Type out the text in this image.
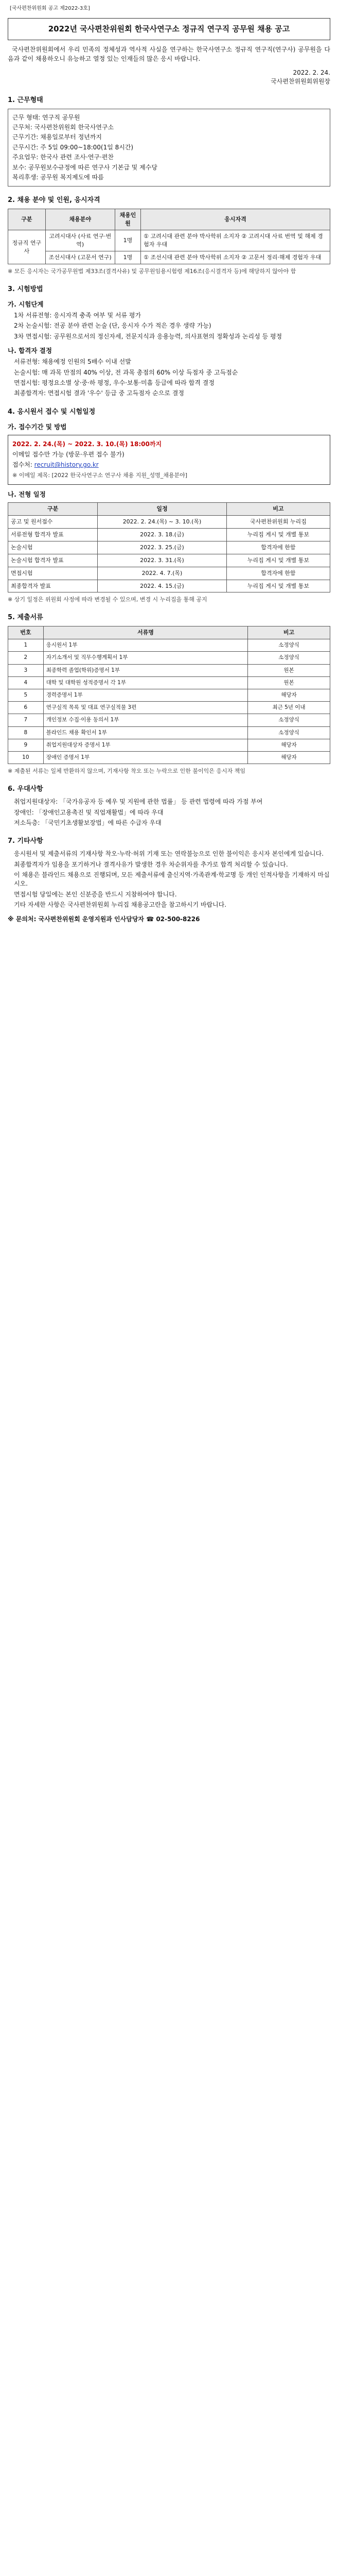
[국사편찬위원회 공고 제2022-3호]
2022년 국사편찬위원회 한국사연구소 정규직 연구직 공무원 채용 공고

국사편찬위원회에서 우리 민족의 정체성과 역사적 사실을 연구하는 한국사연구소 정규직 연구직(연구사) 공무원을 다음과 같이 채용하오니 유능하고 열정 있는 인재들의 많은 응시 바랍니다.

2022. 2. 24.
국사편찬위원회위원장
1. 근무형태

근무 형태: 연구직 공무원

근무처: 국사편찬위원회 한국사연구소

근무기간: 채용일로부터 정년까지

근무시간: 주 5일 09:00~18:00(1일 8시간)

주요업무: 한국사 관련 조사·연구·편찬

보수: 공무원보수규정에 따른 연구사 기본급 및 제수당

복리후생: 공무원 복지제도에 따름

2. 채용 분야 및 인원, 응시자격
구분	채용분야	채용인원	응시자격
정규직 연구사	고려시대사 (사료 연구·번역)	1명	① 고려시대 관련 분야 박사학위 소지자 ② 고려시대 사료 번역 및 해제 경험자 우대
	조선시대사 (고문서 연구)	1명	① 조선시대 관련 분야 박사학위 소지자 ② 고문서 정리·해제 경험자 우대

※ 모든 응시자는 국가공무원법 제33조(결격사유) 및 공무원임용시험령 제16조(응시결격자 등)에 해당하지 않아야 함

3. 시험방법
가. 시험단계

1차 서류전형: 응시자격 충족 여부 및 서류 평가

2차 논술시험: 전공 분야 관련 논술 (단, 응시자 수가 적은 경우 생략 가능)

3차 면접시험: 공무원으로서의 정신자세, 전문지식과 응용능력, 의사표현의 정확성과 논리성 등 평정

나. 합격자 결정

서류전형: 채용예정 인원의 5배수 이내 선발

논술시험: 매 과목 만점의 40% 이상, 전 과목 총점의 60% 이상 득점자 중 고득점순

면접시험: 평정요소별 상·중·하 평정, 우수·보통·미흡 등급에 따라 합격 결정

최종합격자: 면접시험 결과 '우수' 등급 중 고득점자 순으로 결정

4. 응시원서 접수 및 시험일정
가. 접수기간 및 방법

2022. 2. 24.(목) ~ 2022. 3. 10.(목) 18:00까지

이메일 접수만 가능 (방문·우편 접수 불가)

접수처: recruit@history.go.kr

※ 이메일 제목: [2022 한국사연구소 연구사 채용 지원_성명_채용분야]

나. 전형 일정
구분	일정	비고
공고 및 원서접수	2022. 2. 24.(목) ~ 3. 10.(목)	국사편찬위원회 누리집
서류전형 합격자 발표	2022. 3. 18.(금)	누리집 게시 및 개별 통보
논술시험	2022. 3. 25.(금)	합격자에 한함
논술시험 합격자 발표	2022. 3. 31.(목)	누리집 게시 및 개별 통보
면접시험	2022. 4. 7.(목)	합격자에 한함
최종합격자 발표	2022. 4. 15.(금)	누리집 게시 및 개별 통보

※ 상기 일정은 위원회 사정에 따라 변경될 수 있으며, 변경 시 누리집을 통해 공지

5. 제출서류
번호	서류명	비고
1	응시원서 1부	소정양식
2	자기소개서 및 직무수행계획서 1부	소정양식
3	최종학력 졸업(학위)증명서 1부	원본
4	대학 및 대학원 성적증명서 각 1부	원본
5	경력증명서 1부	해당자
6	연구실적 목록 및 대표 연구실적물 3편	최근 5년 이내
7	개인정보 수집·이용 동의서 1부	소정양식
8	블라인드 채용 확인서 1부	소정양식
9	취업지원대상자 증명서 1부	해당자
10	장애인 증명서 1부	해당자

※ 제출된 서류는 일체 반환하지 않으며, 기재사항 착오 또는 누락으로 인한 불이익은 응시자 책임

6. 우대사항

취업지원대상자: 「국가유공자 등 예우 및 지원에 관한 법률」 등 관련 법령에 따라 가점 부여

장애인: 「장애인고용촉진 및 직업재활법」에 따라 우대

저소득층: 「국민기초생활보장법」에 따른 수급자 우대

7. 기타사항

응시원서 및 제출서류의 기재사항 착오·누락·허위 기재 또는 연락불능으로 인한 불이익은 응시자 본인에게 있습니다.

최종합격자가 임용을 포기하거나 결격사유가 발생한 경우 차순위자를 추가로 합격 처리할 수 있습니다.

이 채용은 블라인드 채용으로 진행되며, 모든 제출서류에 출신지역·가족관계·학교명 등 개인 인적사항을 기재하지 마십시오.

면접시험 당일에는 본인 신분증을 반드시 지참하여야 합니다.

기타 자세한 사항은 국사편찬위원회 누리집 채용공고란을 참고하시기 바랍니다.

※ 문의처: 국사편찬위원회 운영지원과 인사담당자 ☎ 02-500-8226
